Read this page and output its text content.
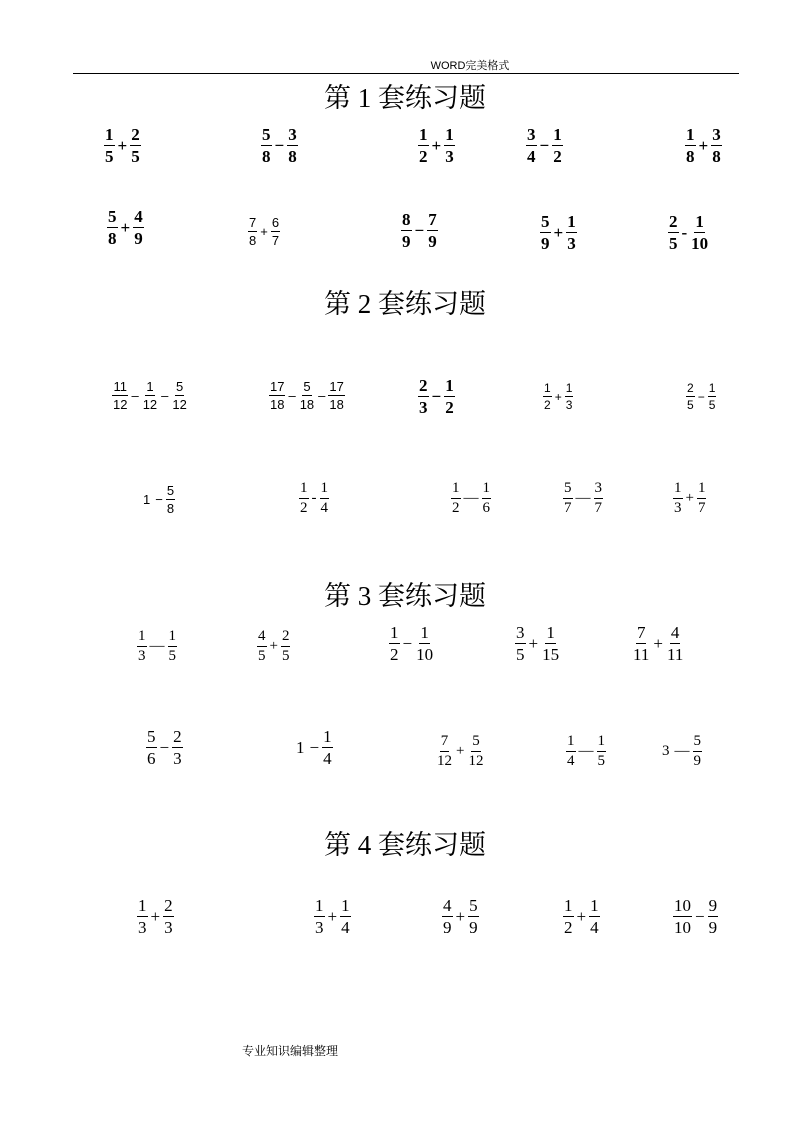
WORD完美格式
第 1 套练习题
第 2 套练习题
第 3 套练习题
第 4 套练习题
$\frac{1}{5} + \frac{2}{5}$	$\frac{5}{8} - \frac{3}{8}$	$\frac{1}{2} + \frac{1}{3}$	$\frac{3}{4} - \frac{1}{2}$	$\frac{1}{8} + \frac{3}{8}$
$\frac{5}{8} + \frac{4}{9}$	$\frac{7}{8} + \frac{6}{7}$	$\frac{8}{9} - \frac{7}{9}$	$\frac{5}{9} + \frac{1}{3}$	$\frac{2}{5} - \frac{1}{10}$
$\frac{11}{12} - \frac{1}{12} - \frac{5}{12}$	$\frac{17}{18} - \frac{5}{18} - \frac{17}{18}$	$\frac{2}{3} - \frac{1}{2}$	$\frac{1}{2} + \frac{1}{3}$	$\frac{2}{5} - \frac{1}{5}$
$1 - \frac{5}{8}$	$\frac{1}{2} - \frac{1}{4}$	$\frac{1}{2}$ — $\frac{1}{6}$	$\frac{5}{7}$ — $\frac{3}{7}$	$\frac{1}{3} + \frac{1}{7}$
$\frac{1}{3}$ — $\frac{1}{5}$	$\frac{4}{5} + \frac{2}{5}$	$\frac{1}{2} - \frac{1}{10}$	$\frac{3}{5} + \frac{1}{15}$	$\frac{7}{11} + \frac{4}{11}$
$\frac{5}{6} - \frac{2}{3}$	$1 - \frac{1}{4}$	$\frac{7}{12} + \frac{5}{12}$	$\frac{1}{4}$ — $\frac{1}{5}$	3 — $\frac{5}{9}$
$\frac{1}{3} + \frac{2}{3}$	$\frac{1}{3} + \frac{1}{4}$	$\frac{4}{9} + \frac{5}{9}$	$\frac{1}{2} + \frac{1}{4}$	$\frac{10}{10} - \frac{9}{9}$
专业知识编辑整理
